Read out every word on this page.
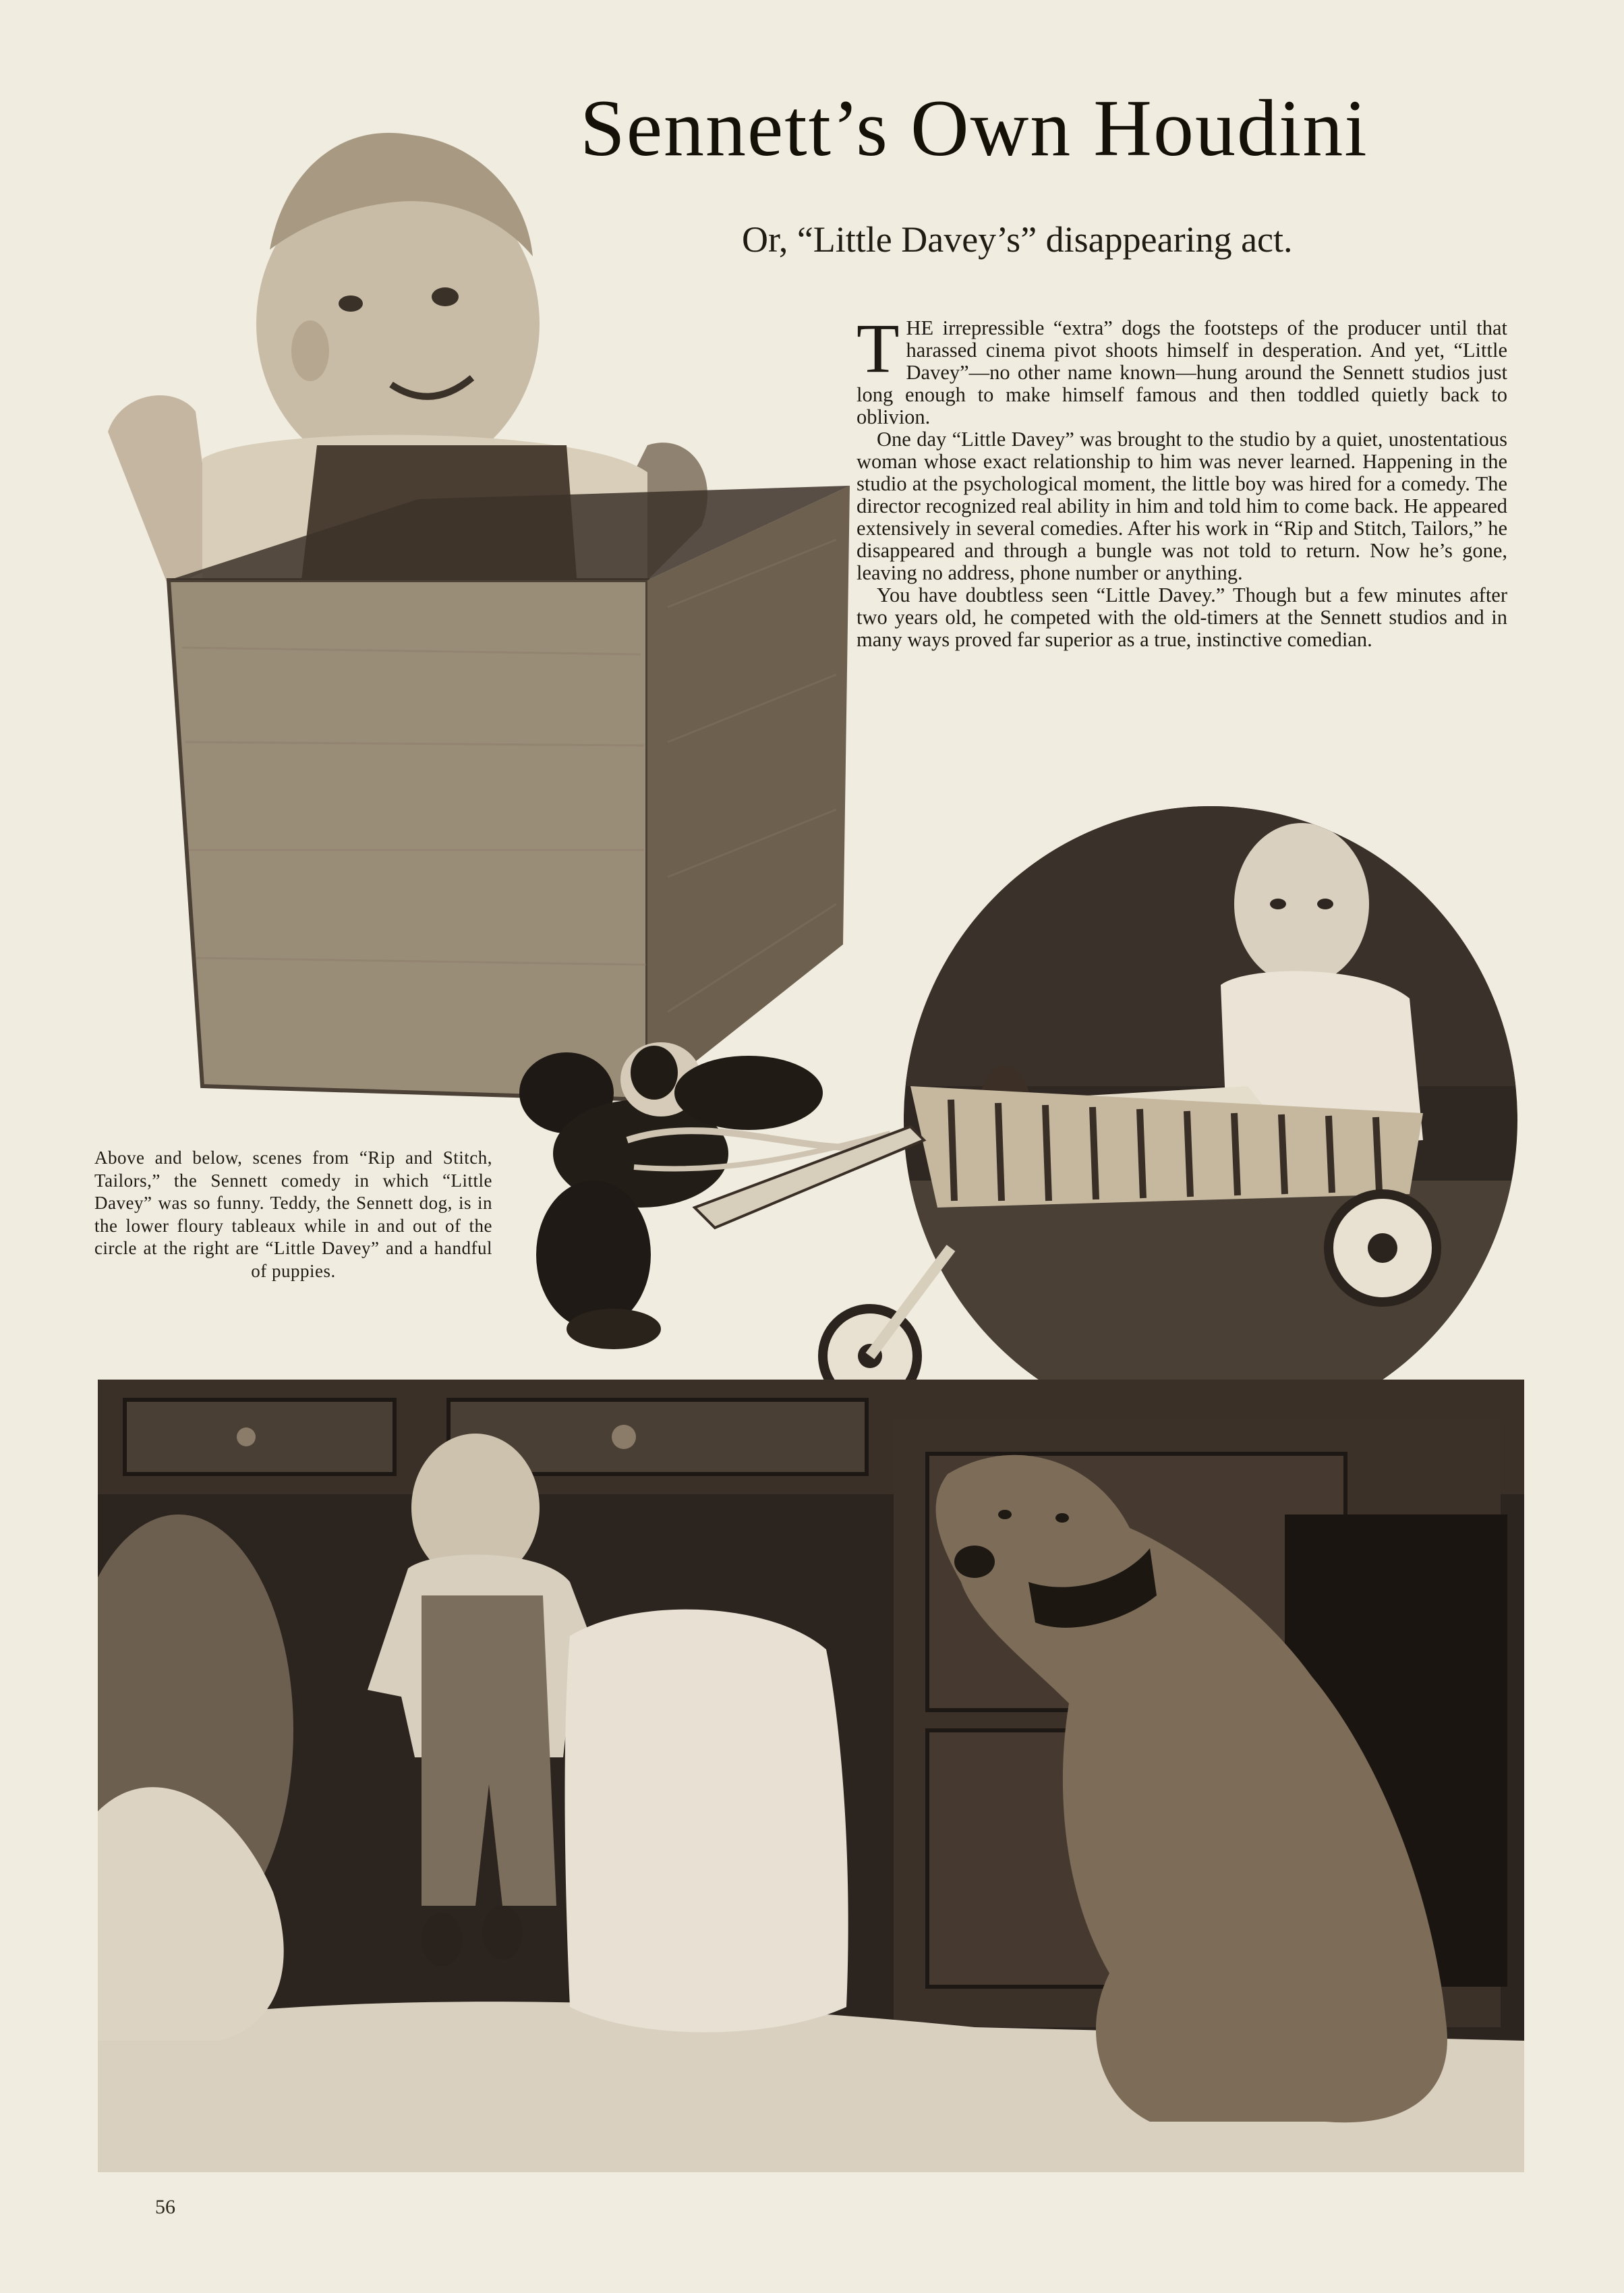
Sennett’s Own Houdini
Or, “Little Davey’s” disappearing act.

THE irrepressible “extra” dogs the footsteps of the producer until that harassed cinema pivot shoots himself in desperation. And yet, “Little Davey”—no other name known—hung around the Sennett studios just long enough to make himself famous and then toddled quietly back to oblivion.

One day “Little Davey” was brought to the studio by a quiet, unostentatious woman whose exact relationship to him was never learned. Happening in the studio at the psychological moment, the little boy was hired for a comedy. The director recognized real ability in him and told him to come back. He appeared extensively in several comedies. After his work in “Rip and Stitch, Tailors,” he disappeared and through a bungle was not told to return. Now he’s gone, leaving no address, phone number or anything.

You have doubtless seen “Little Davey.” Though but a few minutes after two years old, he competed with the old-timers at the Sennett studios and in many ways proved far superior as a true, instinctive comedian.

Above and below, scenes from “Rip and Stitch, Tailors,” the Sennett comedy in which “Little Davey” was so funny. Teddy, the Sennett dog, is in the lower floury tableaux while in and out of the circle at the right are “Little Davey” and a handful of puppies.
56
